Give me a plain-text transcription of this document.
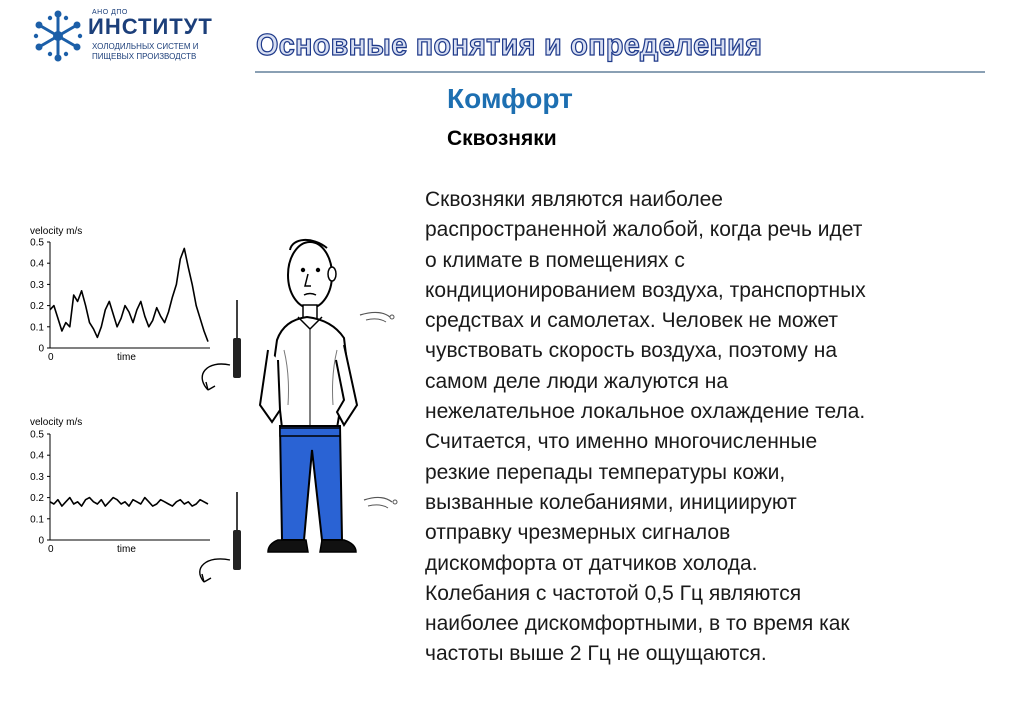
АНО ДПО
ИНСТИТУТ
ХОЛОДИЛЬНЫХ СИСТЕМ И
ПИЩЕВЫХ ПРОИЗВОДСТВ Основные понятия и определения
Комфорт
Сквозняки
Сквозняки являются наиболее
распространенной жалобой, когда речь идет
о климате в помещениях с
кондиционированием воздуха, транспортных
средствах и самолетах. Человек не может
чувствовать скорость воздуха, поэтому на
самом деле люди жалуются на
нежелательное локальное охлаждение тела.
Считается, что именно многочисленные
резкие перепады температуры кожи,
вызванные колебаниями, инициируют
отправку чрезмерных сигналов
дискомфорта от датчиков холода.
Колебания с частотой 0,5 Гц являются
наиболее дискомфортными, в то время как
частоты выше 2 Гц не ощущаются.
velocity m/s
0.5
0.4
0.3
0.2
0.1
0
0	time
velocity m/s
0.5
0.4
0.3
0.2
0.1
0
0	time
